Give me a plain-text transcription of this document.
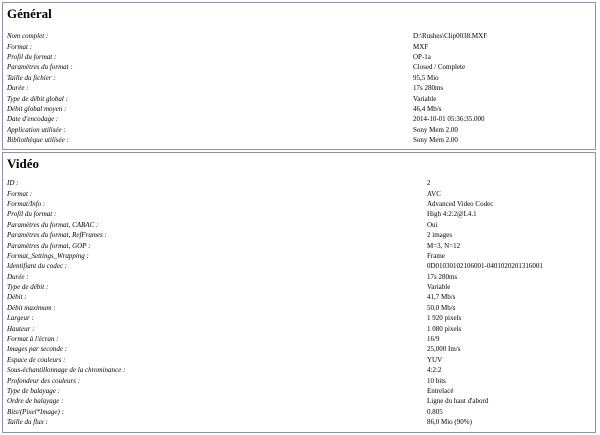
Général
Nom complet :	D:\Rushes\Clip0038.MXF
Format :	MXF
Profil du format :	OP-1a
Paramètres du format :	Closed / Complete
Taille du fichier :	95,5 Mio
Durée :	17s 280ms
Type de débit global :	Variable
Débit global moyen :	46,4 Mb/s
Date d'encodage :	2014-10-01 05:36:35.000
Application utilisée :	Sony Mem 2.00
Bibliothèque utilisée :	Sony Mem 2.00
Vidéo
ID :	2
Format :	AVC
Format/Info :	Advanced Video Codec
Profil du format :	High 4:2:2@L4.1
Paramètres du format, CABAC :	Oui
Paramètres du format, RefFrames :	2 images
Paramètres du format, GOP :	M=3, N=12
Format_Settings_Wrapping :	Frame
Identifiant du codec :	0D01030102106001-0401020201316001
Durée :	17s 280ms
Type de débit :	Variable
Débit :	41,7 Mb/s
Débit maximum :	50,0 Mb/s
Largeur :	1 920 pixels
Hauteur :	1 080 pixels
Format à l'écran :	16/9
Images par seconde :	25,000 Im/s
Espace de couleurs :	YUV
Sous-échantillonnage de la chrominance :	4:2:2
Profondeur des couleurs :	10 bits
Type de balayage :	Entrelacé
Ordre de balayage :	Ligne du haut d'abord
Bits/(Pixel*Image) :	0.805
Taille du flux :	86,0 Mio (90%)
